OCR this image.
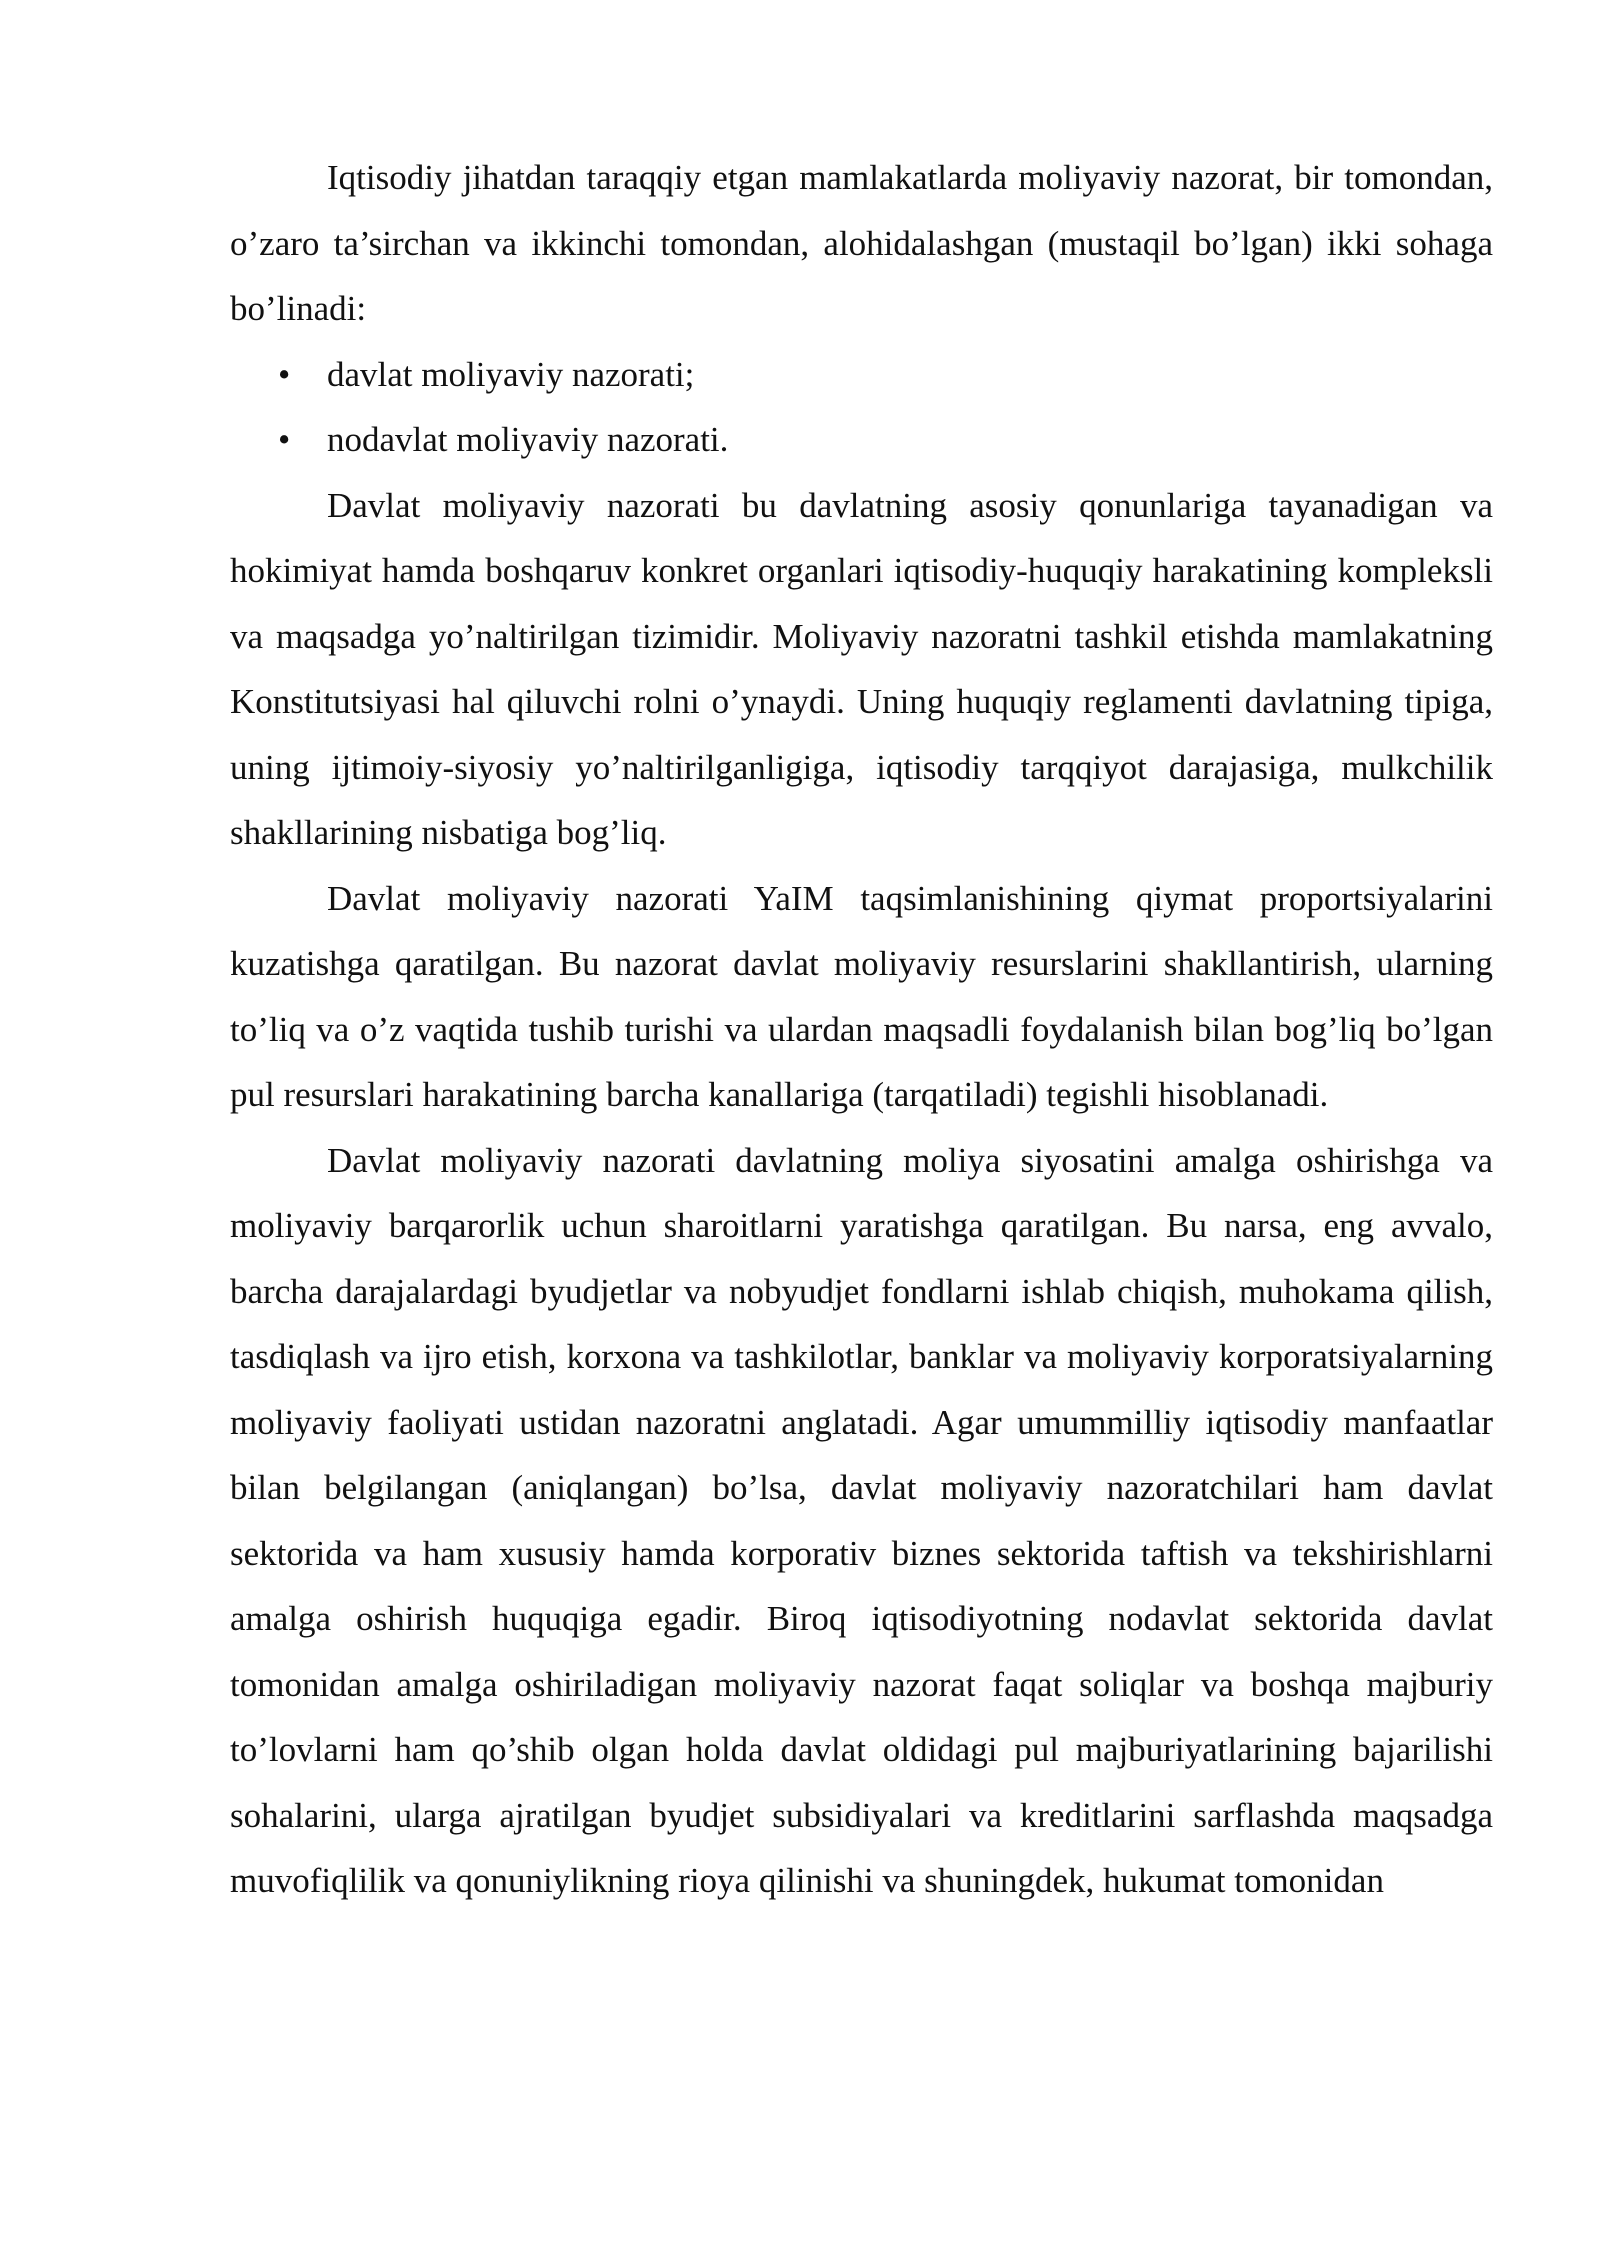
Iqtisodiy jihatdan taraqqiy etgan mamlakatlarda moliyaviy nazorat, bir tomondan, o’zaro ta’sirchan va ikkinchi tomondan, alohidalashgan (mustaqil bo’lgan) ikki sohaga bo’linadi:

•	davlat moliyaviy nazorati;
•	nodavlat moliyaviy nazorati.

Davlat moliyaviy nazorati bu davlatning asosiy qonunlariga tayanadigan va hokimiyat hamda boshqaruv konkret organlari iqtisodiy-huquqiy harakatining kompleksli va maqsadga yo’naltirilgan tizimidir. Moliyaviy nazoratni tashkil etishda mamlakatning Konstitutsiyasi hal qiluvchi rolni o’ynaydi. Uning huquqiy reglamenti davlatning tipiga, uning ijtimoiy-siyosiy yo’naltirilganligiga, iqtisodiy tarqqiyot darajasiga, mulkchilik shakllarining nisbatiga bog’liq.

Davlat moliyaviy nazorati YaIM taqsimlanishining qiymat proportsiyalarini kuzatishga qaratilgan. Bu nazorat davlat moliyaviy resurslarini shakllantirish, ularning to’liq va o’z vaqtida tushib turishi va ulardan maqsadli foydalanish bilan bog’liq bo’lgan pul resurslari harakatining barcha kanallariga (tarqatiladi) tegishli hisoblanadi.

Davlat moliyaviy nazorati davlatning moliya siyosatini amalga oshirishga va moliyaviy barqarorlik uchun sharoitlarni yaratishga qaratilgan. Bu narsa, eng avvalo, barcha darajalardagi byudjetlar va nobyudjet fondlarni ishlab chiqish, muhokama qilish, tasdiqlash va ijro etish, korxona va tashkilotlar, banklar va moliyaviy korporatsiyalarning moliyaviy faoliyati ustidan nazoratni anglatadi. Agar umummilliy iqtisodiy manfaatlar bilan belgilangan (aniqlangan) bo’lsa, davlat moliyaviy nazoratchilari ham davlat sektorida va ham xususiy hamda korporativ biznes sektorida taftish va tekshirishlarni amalga oshirish huquqiga egadir. Biroq iqtisodiyotning nodavlat sektorida davlat tomonidan amalga oshiriladigan moliyaviy nazorat faqat soliqlar va boshqa majburiy to’lovlarni ham qo’shib olgan holda davlat oldidagi pul majburiyatlarining bajarilishi sohalarini, ularga ajratilgan byudjet subsidiyalari va kreditlarini sarflashda maqsadga muvofiqlilik va qonuniylikning rioya qilinishi va shuningdek, hukumat tomonidan
